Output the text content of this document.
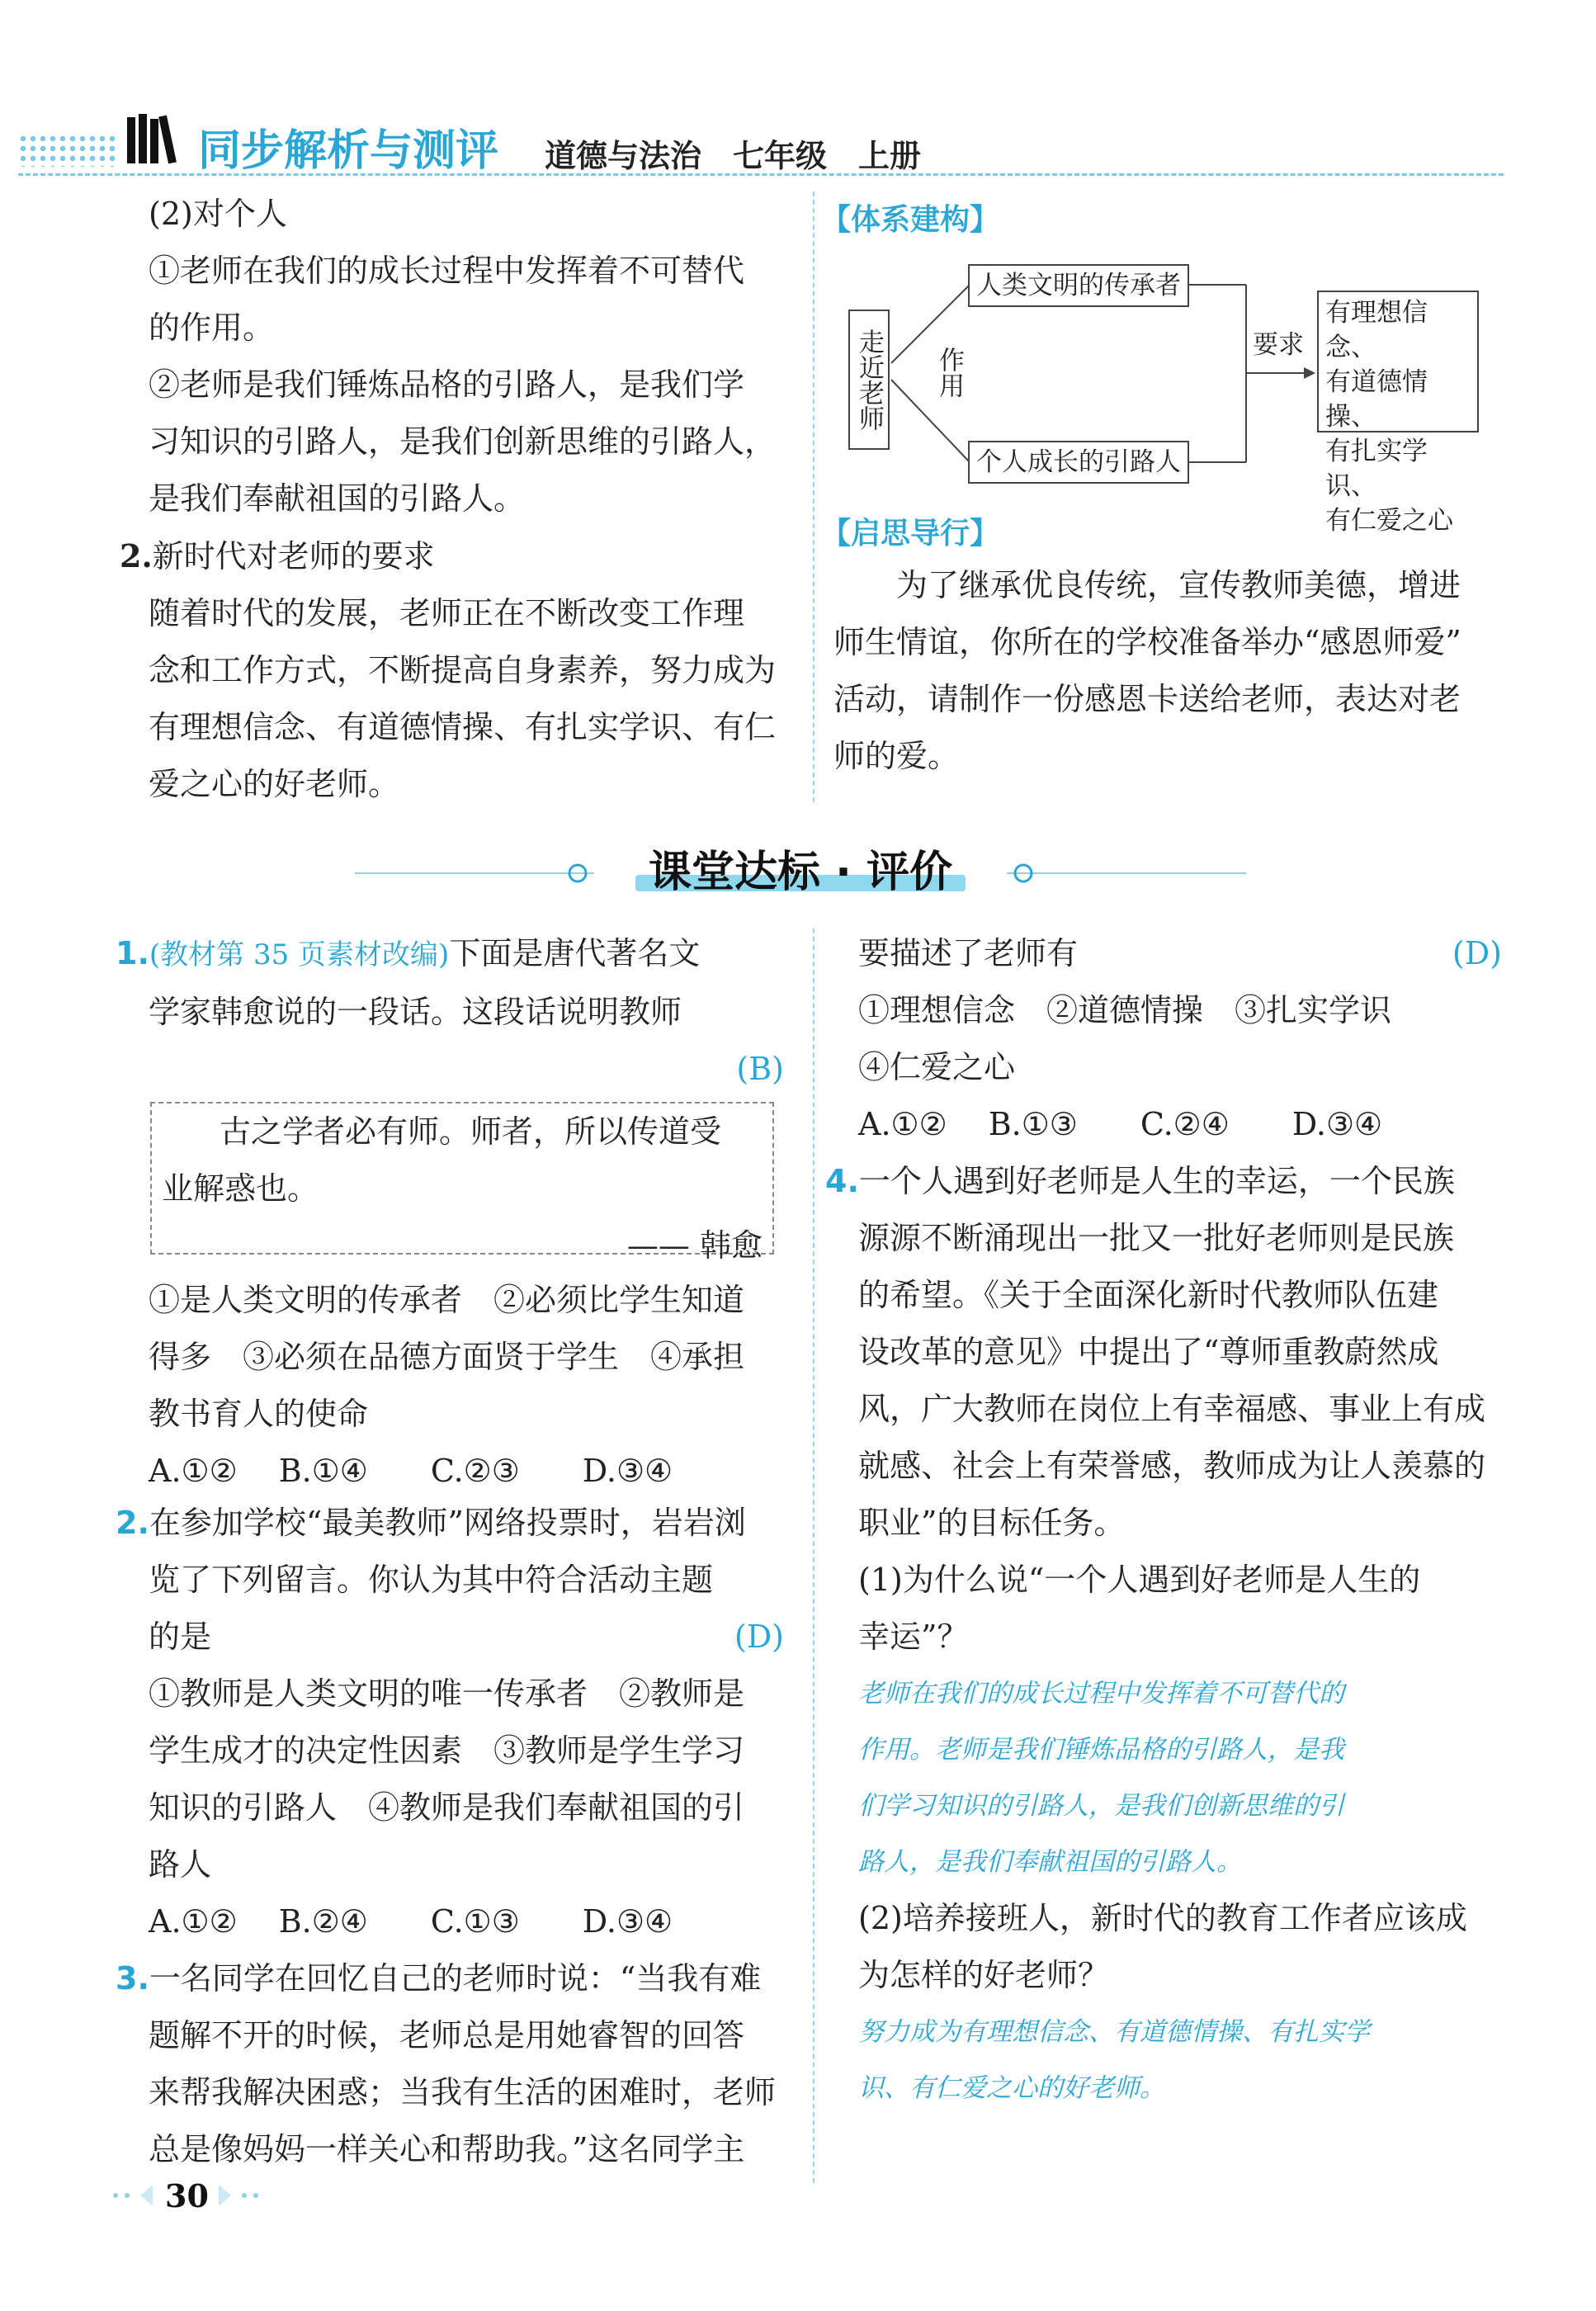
同步解析与测评 道德与法治　七年级　上册
(2)对个人
①老师在我们的成长过程中发挥着不可替代
的作用。
②老师是我们锤炼品格的引路人，是我们学
习知识的引路人，是我们创新思维的引路人，
是我们奉献祖国的引路人。
2.新时代对老师的要求
随着时代的发展，老师正在不断改变工作理
念和工作方式，不断提高自身素养，努力成为
有理想信念、有道德情操、有扎实学识、有仁
爱之心的好老师。
【体系建构】
走近老师 作用
人类文明的传承者
个人成长的引路人
要求
有理想信念、
有道德情操、
有扎实学识、
有仁爱之心
【启思导行】
为了继承优良传统，宣传教师美德，增进
师生情谊，你所在的学校准备举办“感恩师爱”
活动，请制作一份感恩卡送给老师，表达对老
师的爱。
课堂达标 · 评价
1.(教材第 35 页素材改编)下面是唐代著名文
学家韩愈说的一段话。这段话说明教师
(B)
古之学者必有师。师者，所以传道受
业解惑也。
—— 韩愈
①是人类文明的传承者　②必须比学生知道
得多　③必须在品德方面贤于学生　④承担
教书育人的使命
A.①②　 B.①④　　C.②③　　D.③④
2.在参加学校“最美教师”网络投票时，岩岩浏
览了下列留言。你认为其中符合活动主题
的是	(D)
①教师是人类文明的唯一传承者　②教师是
学生成才的决定性因素　③教师是学生学习
知识的引路人　④教师是我们奉献祖国的引
路人
A.①②　 B.②④　　C.①③　　D.③④
3.一名同学在回忆自己的老师时说：“当我有难
题解不开的时候，老师总是用她睿智的回答
来帮我解决困惑；当我有生活的困难时，老师
总是像妈妈一样关心和帮助我。”这名同学主
要描述了老师有	(D)
①理想信念　②道德情操　③扎实学识
④仁爱之心
A.①②　 B.①③　　C.②④　　D.③④
4.一个人遇到好老师是人生的幸运，一个民族
源源不断涌现出一批又一批好老师则是民族
的希望。《关于全面深化新时代教师队伍建
设改革的意见》中提出了“尊师重教蔚然成
风，广大教师在岗位上有幸福感、事业上有成
就感、社会上有荣誉感，教师成为让人羡慕的
职业”的目标任务。
(1)为什么说“一个人遇到好老师是人生的
幸运”？
老师在我们的成长过程中发挥着不可替代的
作用。老师是我们锤炼品格的引路人，是我
们学习知识的引路人，是我们创新思维的引
路人，是我们奉献祖国的引路人。
(2)培养接班人，新时代的教育工作者应该成
为怎样的好老师？
努力成为有理想信念、有道德情操、有扎实学
识、有仁爱之心的好老师。
30
